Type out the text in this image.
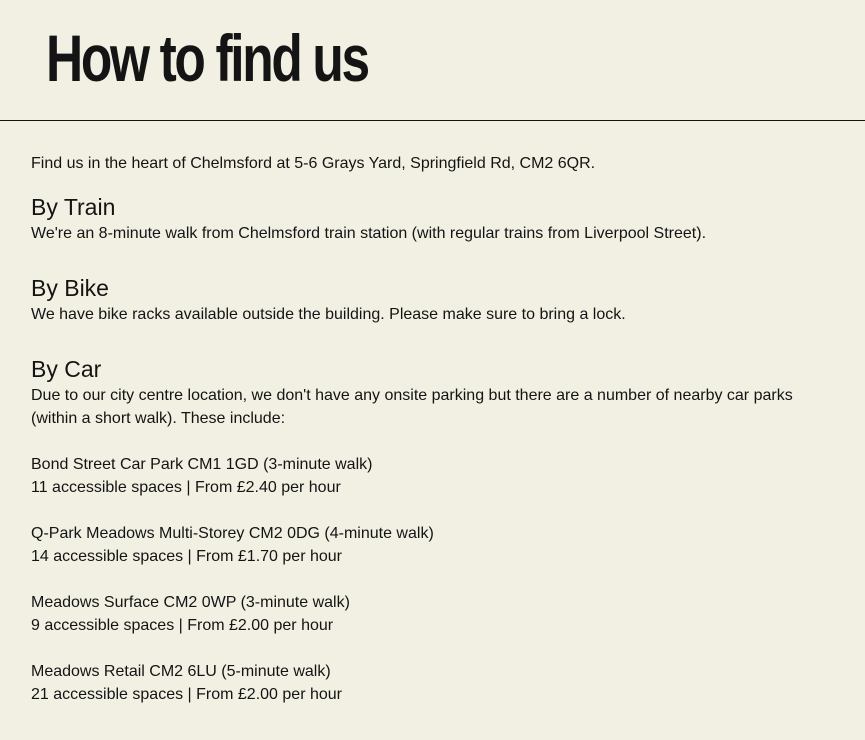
How to find us

Find us in the heart of Chelmsford at 5-6 Grays Yard, Springfield Rd, CM2 6QR.

By Train

We're an 8-minute walk from Chelmsford train station (with regular trains from Liverpool Street).

By Bike

We have bike racks available outside the building. Please make sure to bring a lock.

By Car

Due to our city centre location, we don't have any onsite parking but there are a number of nearby car parks (within a short walk). These include:

Bond Street Car Park CM1 1GD (3-minute walk)

11 accessible spaces | From £2.40 per hour

Q-Park Meadows Multi-Storey CM2 0DG (4-minute walk)

14 accessible spaces | From £1.70 per hour

Meadows Surface CM2 0WP (3-minute walk)

9 accessible spaces | From £2.00 per hour

Meadows Retail CM2 6LU (5-minute walk)

21 accessible spaces | From £2.00 per hour
